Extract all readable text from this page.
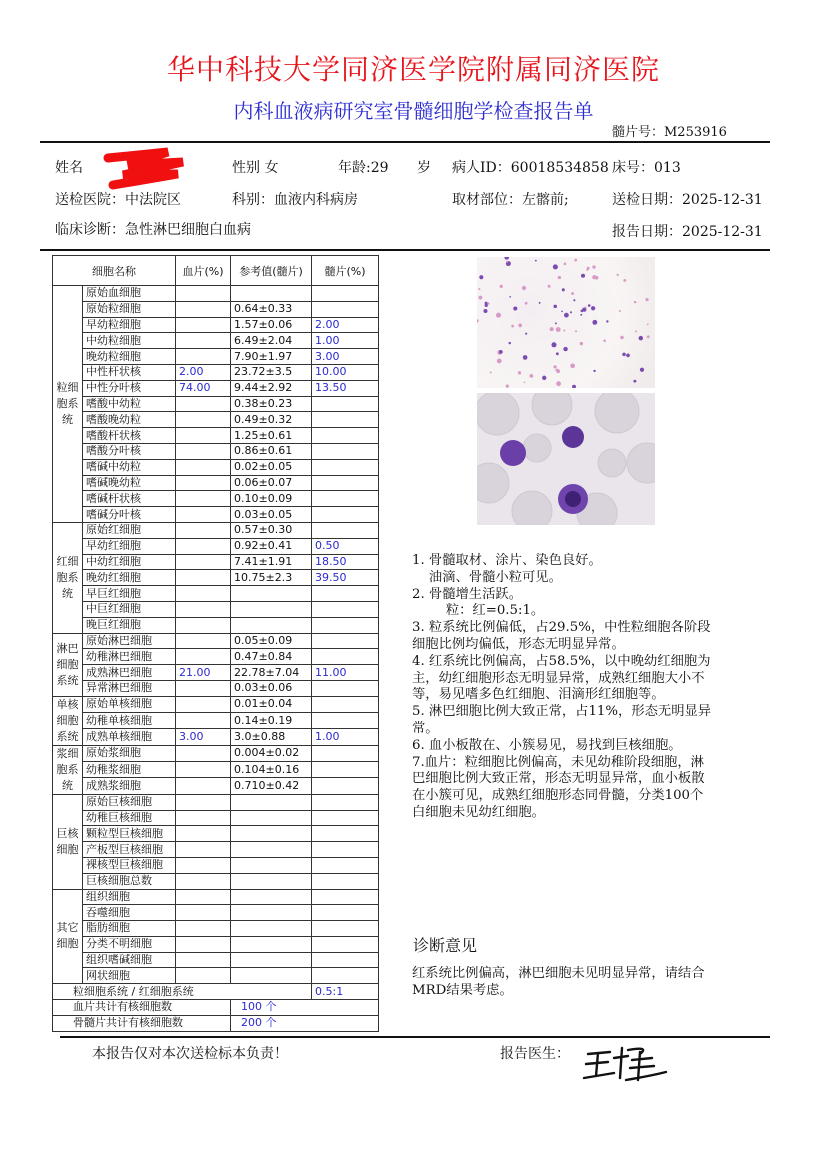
华中科技大学同济医学院附属同济医院
内科血液病研究室骨髓细胞学检查报告单
髓片号：M253916
姓名	性别 女	年龄:29 岁 病人ID：60018534858 床号：013
送检医院：中法院区	科别：血液内科病房	取材部位：左髂前;	送检日期：2025-12-31
临床诊断：急性淋巴细胞白血病	报告日期：2025-12-31
细胞名称		血片(%)	参考值(髓片)	髓片(%)
粒细胞系统	原始血细胞			
	原始粒细胞		0.64±0.33	
	早幼粒细胞		1.57±0.06	2.00
	中幼粒细胞		6.49±2.04	1.00
	晚幼粒细胞		7.90±1.97	3.00
	中性杆状核	2.00	23.72±3.5	10.00
	中性分叶核	74.00	9.44±2.92	13.50
	嗜酸中幼粒		0.38±0.23	
	嗜酸晚幼粒		0.49±0.32	
	嗜酸杆状核		1.25±0.61	
	嗜酸分叶核		0.86±0.61	
	嗜碱中幼粒		0.02±0.05	
	嗜碱晚幼粒		0.06±0.07	
	嗜碱杆状核		0.10±0.09	
	嗜碱分叶核		0.03±0.05	
红细胞系统	原始红细胞		0.57±0.30	
	早幼红细胞		0.92±0.41	0.50
	中幼红细胞		7.41±1.91	18.50
	晚幼红细胞		10.75±2.3	39.50
	早巨红细胞			
	中巨红细胞			
	晚巨红细胞			
淋巴细胞系统	原始淋巴细胞		0.05±0.09	
	幼稚淋巴细胞		0.47±0.84	
	成熟淋巴细胞	21.00	22.78±7.04	11.00
	异常淋巴细胞		0.03±0.06	
单核细胞系统	原始单核细胞		0.01±0.04	
	幼稚单核细胞		0.14±0.19	
	成熟单核细胞	3.00	3.0±0.88	1.00
浆细胞系统	原始浆细胞		0.004±0.02	
	幼稚浆细胞		0.104±0.16	
	成熟浆细胞		0.710±0.42	
巨核细胞	原始巨核细胞			
	幼稚巨核细胞			
	颗粒型巨核细胞			
	产板型巨核细胞			
	裸核型巨核细胞			
	巨核细胞总数			
其它细胞	组织细胞			
	吞噬细胞			
	脂肪细胞			
	分类不明细胞			
	组织嗜碱细胞			
	网状细胞			
粒细胞系统 / 红细胞系统				0.5:1
血片共计有核细胞数			100 个	
骨髓片共计有核细胞数			200 个	
1. 骨髓取材、涂片、染色良好。
油滴、骨髓小粒可见。
2. 骨髓增生活跃。
粒：红=0.5:1。
3. 粒系统比例偏低，占29.5%，中性粒细胞各阶段
细胞比例均偏低，形态无明显异常。
4. 红系统比例偏高，占58.5%，以中晚幼红细胞为
主，幼红细胞形态无明显异常，成熟红细胞大小不
等，易见嗜多色红细胞、泪滴形红细胞等。
5. 淋巴细胞比例大致正常，占11%，形态无明显异
常。
6. 血小板散在、小簇易见，易找到巨核细胞。
7.血片：粒细胞比例偏高，未见幼稚阶段细胞，淋
巴细胞比例大致正常，形态无明显异常，血小板散
在小簇可见，成熟红细胞形态同骨髓，分类100个
白细胞未见幼红细胞。
诊断意见
红系统比例偏高，淋巴细胞未见明显异常，请结合
MRD结果考虑。
本报告仅对本次送检标本负责！	报告医生：
